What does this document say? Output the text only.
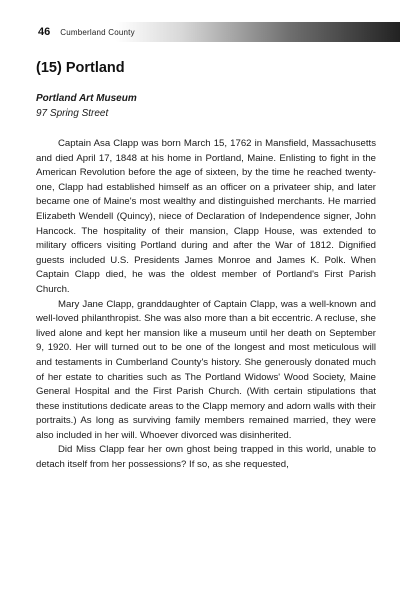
46 Cumberland County
(15) Portland

Portland Art Museum

97 Spring Street

Captain Asa Clapp was born March 15, 1762 in Mansfield, Massachusetts and died April 17, 1848 at his home in Portland, Maine. Enlisting to fight in the American Revolution before the age of sixteen, by the time he reached twenty-one, Clapp had established himself as an officer on a privateer ship, and later became one of Maine's most wealthy and distinguished merchants. He married Elizabeth Wendell (Quincy), niece of Declaration of Independence signer, John Hancock. The hospitality of their mansion, Clapp House, was extended to military officers visiting Portland during and after the War of 1812. Dignified guests included U.S. Presidents James Monroe and James K. Polk. When Captain Clapp died, he was the oldest member of Portland's First Parish Church.

Mary Jane Clapp, granddaughter of Captain Clapp, was a well-known and well-loved philanthropist. She was also more than a bit eccentric. A recluse, she lived alone and kept her mansion like a museum until her death on September 9, 1920. Her will turned out to be one of the longest and most meticulous will and testaments in Cumberland County's history. She generously donated much of her estate to charities such as The Portland Widows' Wood Society, Maine General Hospital and the First Parish Church. (With certain stipulations that these institutions dedicate areas to the Clapp memory and adorn walls with their portraits.) As long as surviving family members remained married, they were also included in her will. Whoever divorced was disinherited.

Did Miss Clapp fear her own ghost being trapped in this world, unable to detach itself from her possessions? If so, as she requested,
